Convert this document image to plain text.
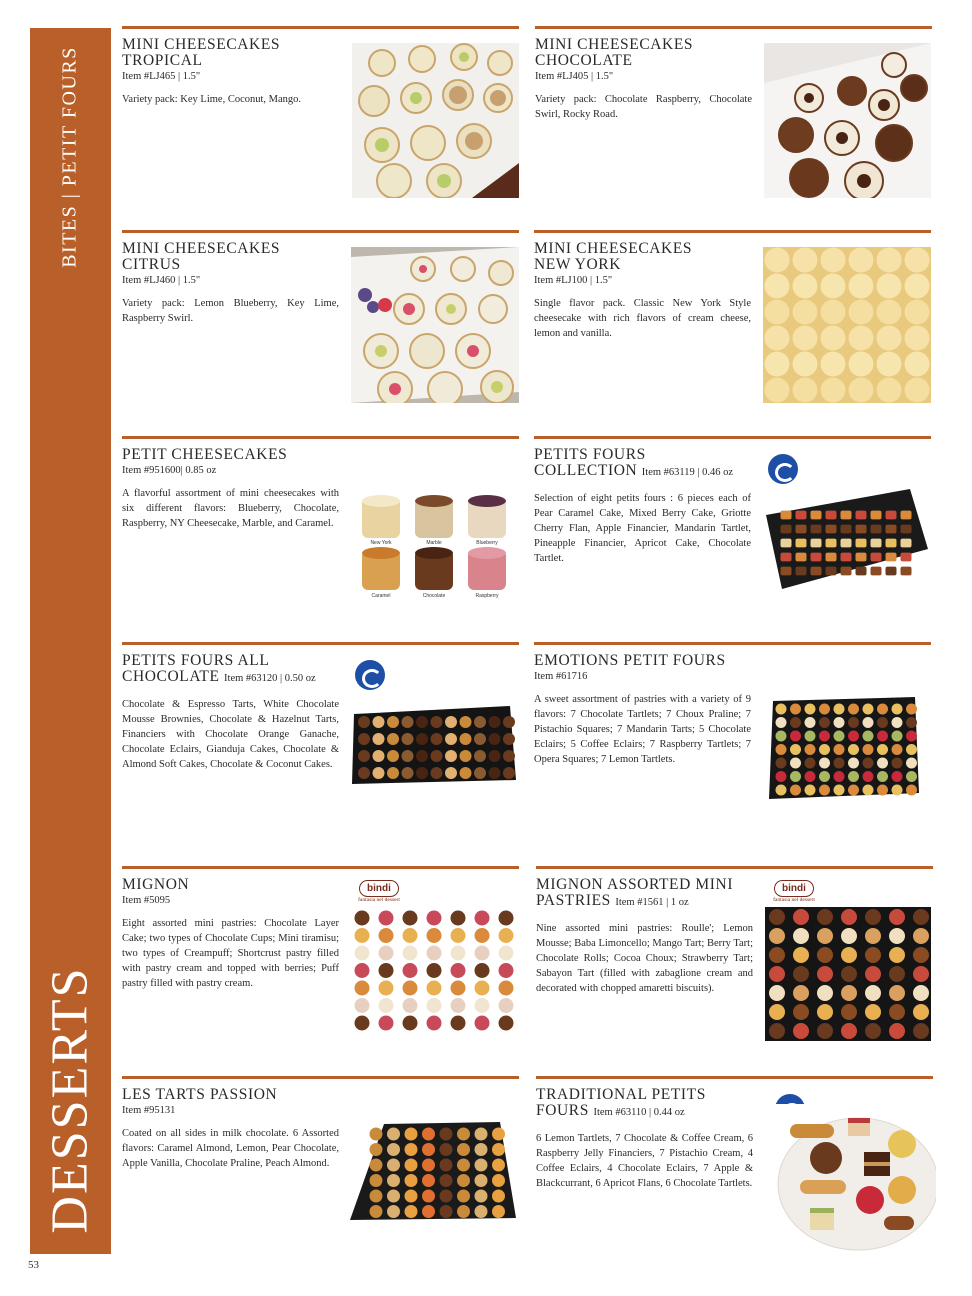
BITES | PETIT FOURS
DESSERTS
53
MINI CHEESECAKES
TROPICAL
Item #LJ465 | 1.5"
Variety pack: Key Lime, Coconut, Mango.
MINI CHEESECAKES
CHOCOLATE
Item #LJ405 | 1.5"
Variety pack: Chocolate Raspberry, Chocolate Swirl, Rocky Road.
MINI CHEESECAKES
CITRUS
Item #LJ460 | 1.5"
Variety pack: Lemon Blueberry, Key Lime, Raspberry Swirl.
MINI CHEESECAKES
NEW YORK
Item #LJ100 | 1.5"
Single flavor pack. Classic New York Style cheesecake with rich flavors of cream cheese, lemon and vanilla.
PETIT CHEESECAKES
Item #951600| 0.85 oz
A flavorful assortment of mini cheesecakes with six different flavors: Blueberry, Chocolate, Raspberry, NY Cheesecake, Marble, and Caramel.
New York	Marble	Blueberry
Caramel	Chocolate	Raspberry
PETITS FOURS
COLLECTION Item #63119 | 0.46 oz
Selection of eight petits fours : 6 pieces each of Pear Caramel Cake, Mixed Berry Cake, Griotte Cherry Flan, Apple Financier, Mandarin Tartlet, Pineapple Financier, Apricot Cake, Chocolate Tartlet.
PETITS FOURS ALL
CHOCOLATE Item #63120 | 0.50 oz
Chocolate & Espresso Tarts, White Chocolate Mousse Brownies, Chocolate & Hazelnut Tarts, Financiers with Chocolate Orange Ganache, Chocolate Eclairs, Gianduja Cakes, Chocolate & Almond Soft Cakes, Chocolate & Coconut Cakes.
EMOTIONS PETIT FOURS
Item #61716
A sweet assortment of pastries with a variety of 9 flavors: 7 Chocolate Tartlets; 7 Choux Praline; 7 Pistachio Squares; 7 Mandarin Tarts; 5 Chocolate Eclairs; 5 Coffee Eclairs; 7 Raspberry Tartlets; 7 Opera Squares; 7 Lemon Tartlets.
MIGNON
Item #5095
Eight assorted mini pastries: Chocolate Layer Cake; two types of Chocolate Cups; Mini tiramisu; two types of Creampuff; Shortcrust pastry filled with pastry cream and topped with berries; Puff pastry filled with pastry cream.
bindi
fantasia nel dessert
MIGNON ASSORTED MINI
PASTRIES Item #1561 | 1 oz
Nine assorted mini pastries: Roulle'; Lemon Mousse; Baba Limoncello; Mango Tart; Berry Tart; Chocolate Rolls; Cocoa Choux; Strawberry Tart; Sabayon Tart (filled with zabaglione cream and decorated with chopped amaretti biscuits).
bindi
fantasia nel dessert
LES TARTS PASSION
Item #95131
Coated on all sides in milk chocolate. 6 Assorted flavors: Caramel Almond, Lemon, Pear Chocolate, Apple Vanilla, Chocolate Praline, Peach Almond.
TRADITIONAL PETITS
FOURS Item #63110 | 0.44 oz
6 Lemon Tartlets, 7 Chocolate & Coffee Cream, 6 Raspberry Jelly Financiers, 7 Pistachio Cream, 4 Coffee Eclairs, 4 Chocolate Eclairs, 7 Apple & Blackcurrant, 6 Apricot Flans, 6 Chocolate Tartlets.
